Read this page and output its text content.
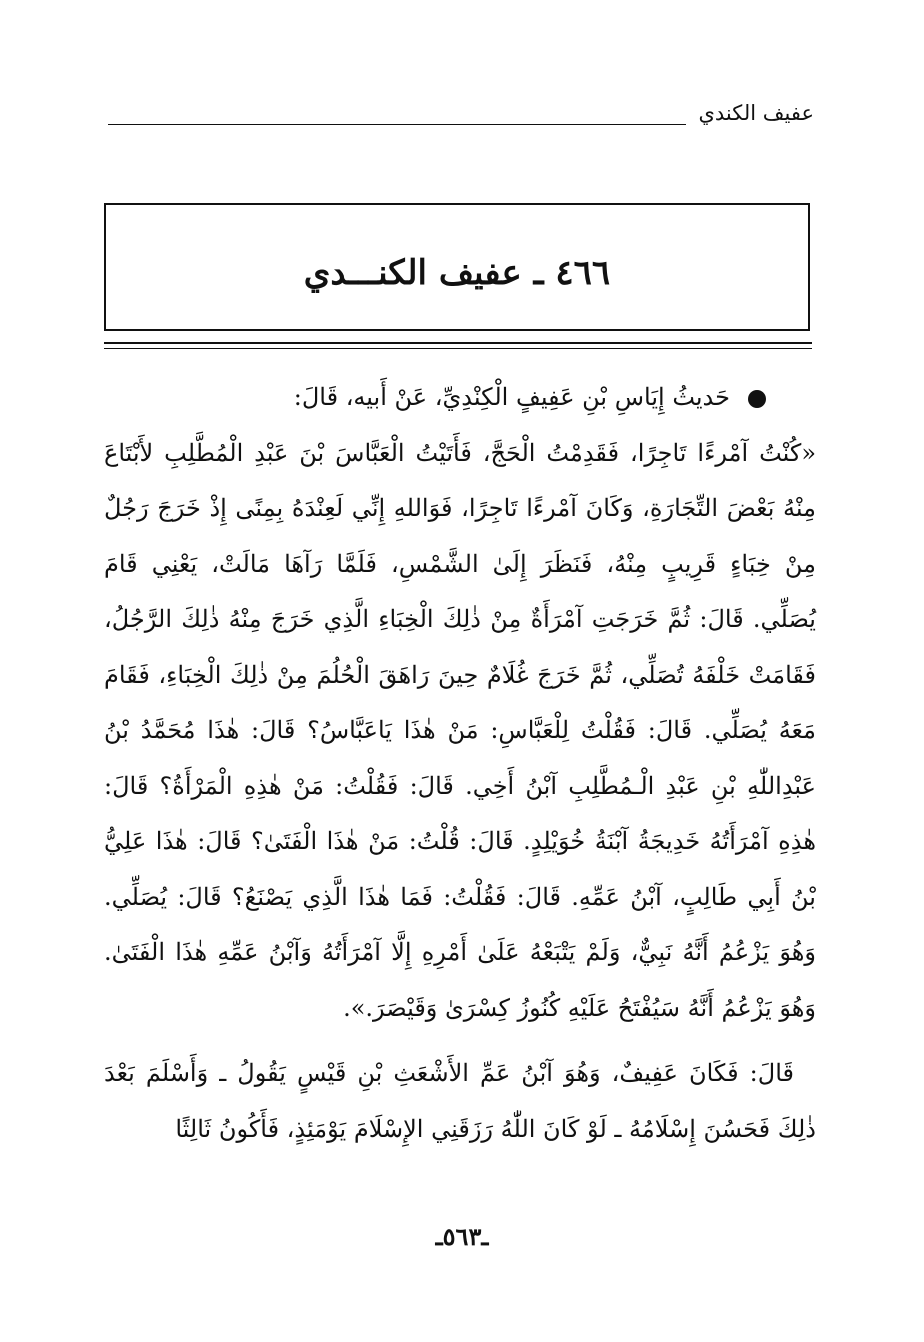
عفيف الكندي
٤٦٦ ـ عفيف الكنـــدي

حَديثُ إِيَاسِ بْنِ عَفِيفٍ الْكِنْدِيِّ، عَنْ أَبيه، قَالَ:

«كُنْتُ آمْرءًا تَاجِرًا، فَقَدِمْتُ الْحَجَّ، فَأَتَيْتُ الْعَبَّاسَ بْنَ عَبْدِ الْمُطَّلِبِ لأَبْتَاعَ مِنْهُ بَعْضَ التِّجَارَةِ، وَكَانَ آمْرءًا تَاجِرًا، فَوَاللهِ إِنِّي لَعِنْدَهُ بِمِنًى إِذْ خَرَجَ رَجُلٌ مِنْ خِبَاءٍ قَرِيبٍ مِنْهُ، فَنَظَرَ إِلَىٰ الشَّمْسِ، فَلَمَّا رَآهَا مَالَتْ، يَعْنِي قَامَ يُصَلِّي. قَالَ: ثُمَّ خَرَجَتِ آمْرَأَةٌ مِنْ ذٰلِكَ الْخِبَاءِ الَّذِي خَرَجَ مِنْهُ ذٰلِكَ الرَّجُلُ، فَقَامَتْ خَلْفَهُ تُصَلِّي، ثُمَّ خَرَجَ غُلَامٌ حِينَ رَاهَقَ الْحُلُمَ مِنْ ذٰلِكَ الْخِبَاءِ، فَقَامَ مَعَهُ يُصَلِّي. قَالَ: فَقُلْتُ لِلْعَبَّاسِ: مَنْ هٰذَا يَاعَبَّاسُ؟ قَالَ: هٰذَا مُحَمَّدُ بْنُ عَبْدِاللّٰهِ بْنِ عَبْدِ الْـمُطَّلِبِ آبْنُ أَخِي. قَالَ: فَقُلْتُ: مَنْ هٰذِهِ الْمَرْأَةُ؟ قَالَ: هٰذِهِ آمْرَأَتُهُ خَدِيجَةُ آبْنَةُ خُوَيْلِدٍ. قَالَ: قُلْتُ: مَنْ هٰذَا الْفَتَىٰ؟ قَالَ: هٰذَا عَلِيُّ بْنُ أَبِي طَالِبٍ، آبْنُ عَمِّهِ. قَالَ: فَقُلْتُ: فَمَا هٰذَا الَّذِي يَصْنَعُ؟ قَالَ: يُصَلِّي. وَهُوَ يَزْعُمُ أَنَّهُ نَبِيٌّ، وَلَمْ يَتْبَعْهُ عَلَىٰ أَمْرِهِ إِلَّا آمْرَأَتُهُ وَآبْنُ عَمِّهِ هٰذَا الْفَتَىٰ. وَهُوَ يَزْعُمُ أَنَّهُ سَيُفْتَحُ عَلَيْهِ كُنُوزُ كِسْرَىٰ وَقَيْصَرَ.».

قَالَ: فَكَانَ عَفِيفٌ، وَهُوَ آبْنُ عَمِّ الأَشْعَثِ بْنِ قَيْسٍ يَقُولُ ـ وَأَسْلَمَ بَعْدَ ذٰلِكَ فَحَسُنَ إِسْلَامُهُ ـ لَوْ كَانَ اللّٰهُ رَزَقَنِي الإِسْلَامَ يَوْمَئِذٍ، فَأَكُونُ ثَالِثًا

ـ٥٦٣ـ
